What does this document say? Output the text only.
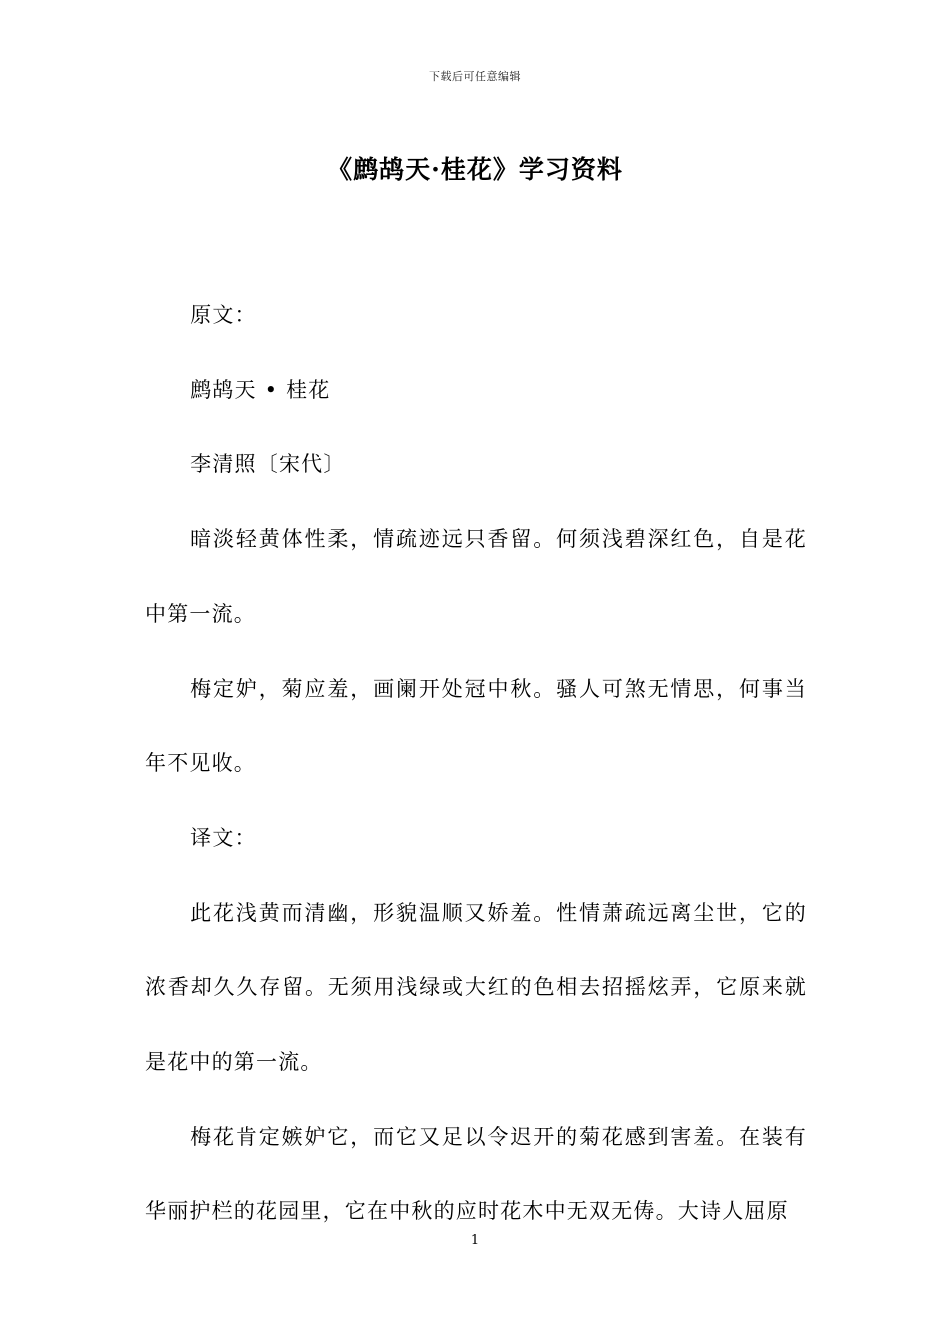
下载后可任意编辑
《鹧鸪天·桂花》学习资料

原文：

鹧鸪天 • 桂花

李清照〔宋代〕

暗淡轻黄体性柔，情疏迹远只香留。何须浅碧深红色，自是花中第一流。

梅定妒，菊应羞，画阑开处冠中秋。骚人可煞无情思，何事当年不见收。

译文：

此花浅黄而清幽，形貌温顺又娇羞。性情萧疏远离尘世，它的浓香却久久存留。无须用浅绿或大红的色相去招摇炫弄，它原来就是花中的第一流。

梅花肯定嫉妒它，而它又足以令迟开的菊花感到害羞。在装有华丽护栏的花园里，它在中秋的应时花木中无双无俦。大诗人屈原

1
